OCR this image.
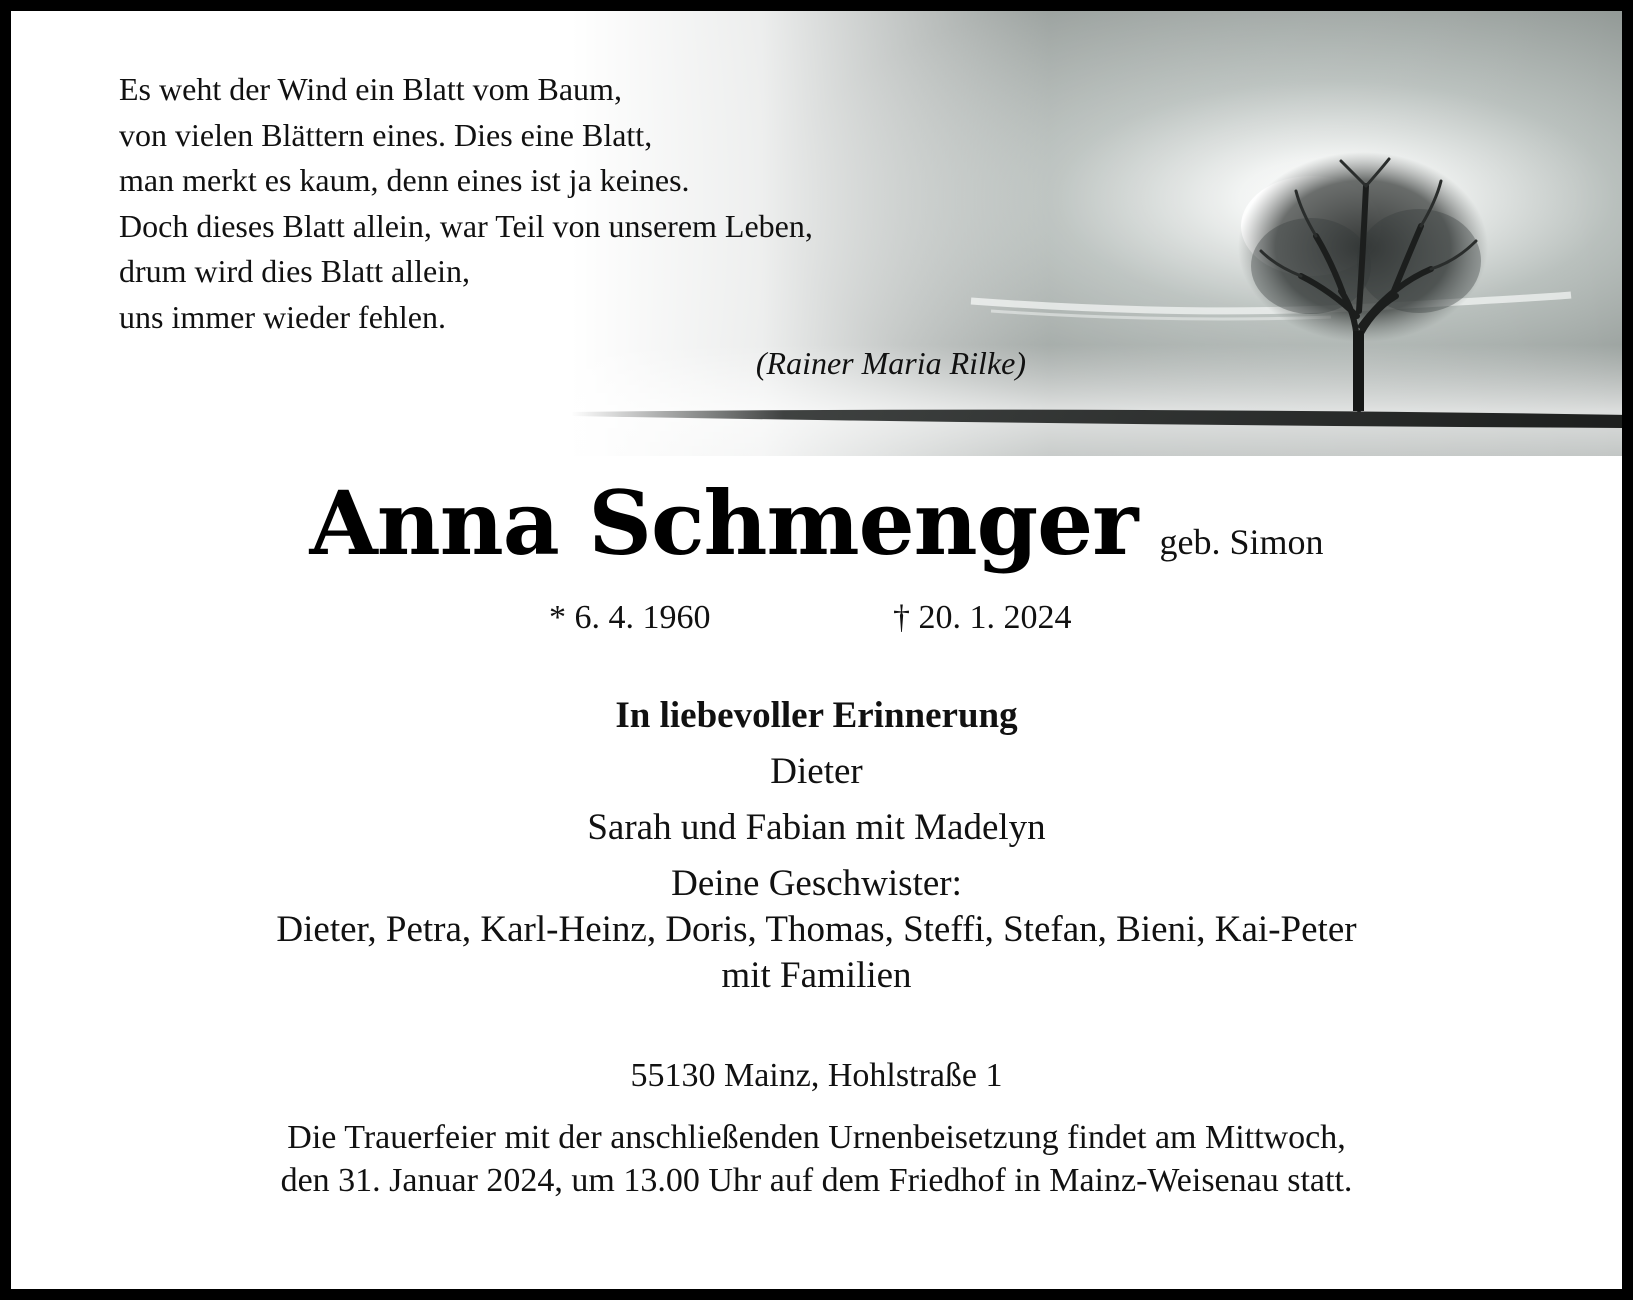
Es weht der Wind ein Blatt vom Baum,
von vielen Blättern eines. Dies eine Blatt,
man merkt es kaum, denn eines ist ja keines.
Doch dieses Blatt allein, war Teil von unserem Leben,
drum wird dies Blatt allein,
uns immer wieder fehlen.
(Rainer Maria Rilke)
Anna Schmenger geb. Simon
* 6. 4. 1960	† 20. 1. 2024
In liebevoller Erinnerung
Dieter
Sarah und Fabian mit Madelyn
Deine Geschwister:
Dieter, Petra, Karl-Heinz, Doris, Thomas, Steffi, Stefan, Bieni, Kai-Peter
mit Familien
55130 Mainz, Hohlstraße 1
Die Trauerfeier mit der anschließenden Urnenbeisetzung findet am Mittwoch,
den 31. Januar 2024, um 13.00 Uhr auf dem Friedhof in Mainz-Weisenau statt.
